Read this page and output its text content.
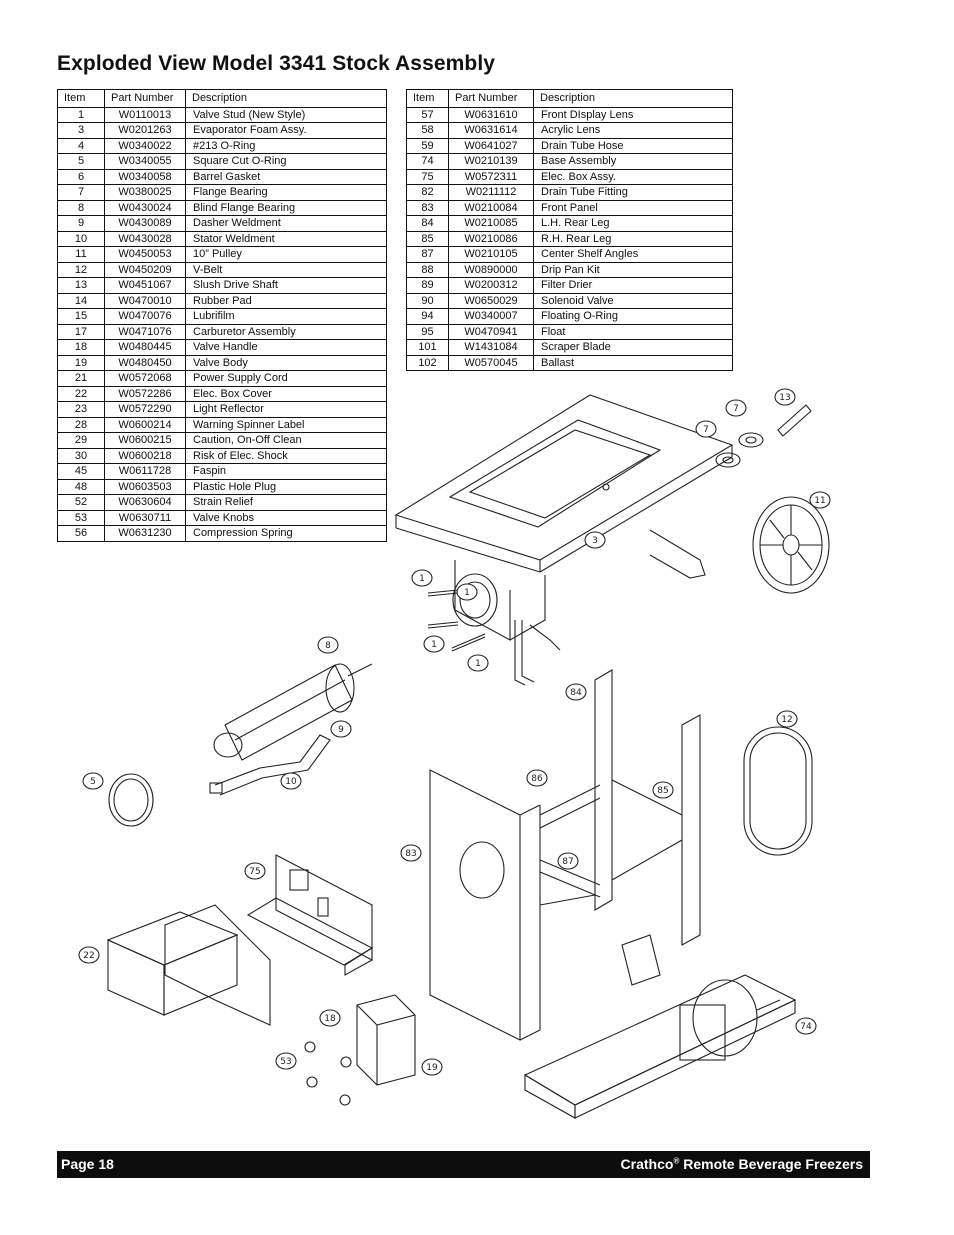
Exploded View Model 3341 Stock Assembly
Item	Part Number	Description
1	W0110013	Valve Stud (New Style)
3	W0201263	Evaporator Foam Assy.
4	W0340022	#213 O-Ring
5	W0340055	Square Cut O-Ring
6	W0340058	Barrel Gasket
7	W0380025	Flange Bearing
8	W0430024	Blind Flange Bearing
9	W0430089	Dasher Weldment
10	W0430028	Stator Weldment
11	W0450053	10” Pulley
12	W0450209	V-Belt
13	W0451067	Slush Drive Shaft
14	W0470010	Rubber Pad
15	W0470076	Lubrifilm
17	W0471076	Carburetor Assembly
18	W0480445	Valve Handle
19	W0480450	Valve Body
21	W0572068	Power Supply Cord
22	W0572286	Elec. Box Cover
23	W0572290	Light Reflector
28	W0600214	Warning Spinner Label
29	W0600215	Caution, On-Off Clean
30	W0600218	Risk of Elec. Shock
45	W0611728	Faspin
48	W0603503	Plastic Hole Plug
52	W0630604	Strain Relief
53	W0630711	Valve Knobs
56	W0631230	Compression Spring
Item	Part Number	Description
57	W0631610	Front DIsplay Lens
58	W0631614	Acrylic Lens
59	W0641027	Drain Tube Hose
74	W0210139	Base Assembly
75	W0572311	Elec. Box Assy.
82	W0211112	Drain Tube Fitting
83	W0210084	Front Panel
84	W0210085	L.H. Rear Leg
85	W0210086	R.H. Rear Leg
87	W0210105	Center Shelf Angles
88	W0890000	Drip Pan Kit
89	W0200312	Filter Drier
90	W0650029	Solenoid Valve
94	W0340007	Floating O-Ring
95	W0470941	Float
101	W1431084	Scraper Blade
102	W0570045	Ballast
13
7
7
11
3
1
1
1
1
84
12
8
9
5	10	86
85
83
87
75
22
18
53
19
74
Page 18	Crathco® Remote Beverage Freezers
